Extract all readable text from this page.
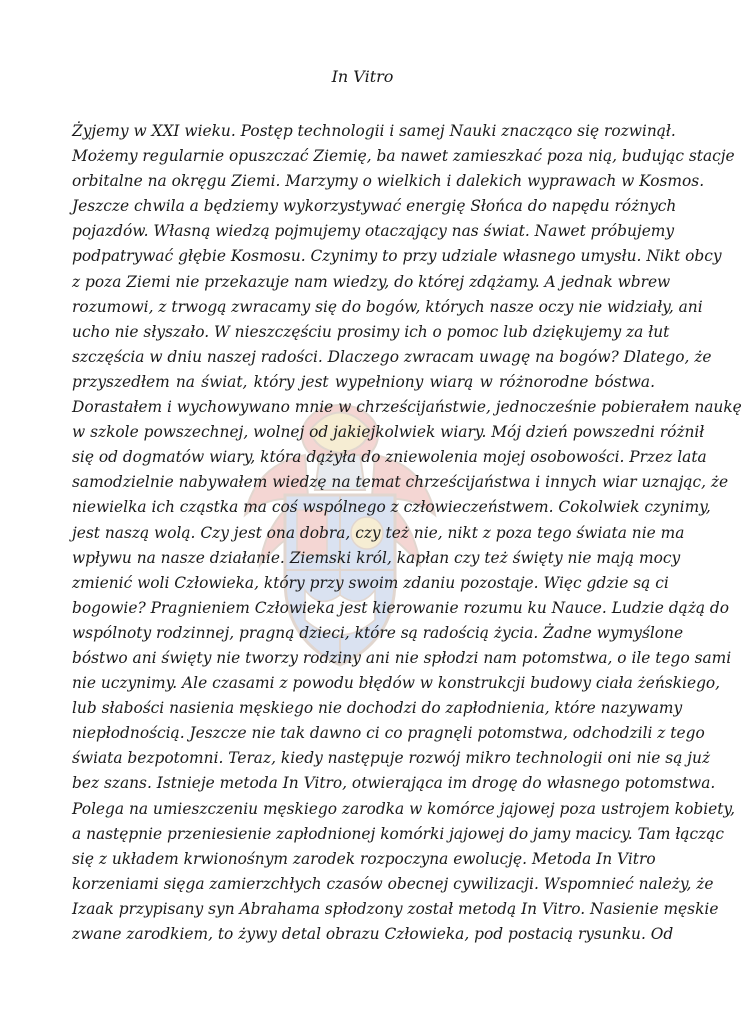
In Vitro
Żyjemy w XXI wieku. Postęp technologii i samej Nauki znacząco się rozwinął.
Możemy regularnie opuszczać Ziemię, ba nawet zamieszkać poza nią, budując stacje
orbitalne na okręgu Ziemi. Marzymy o wielkich i dalekich wyprawach w Kosmos.
Jeszcze chwila a będziemy wykorzystywać energię Słońca do napędu różnych
pojazdów. Własną wiedzą pojmujemy otaczający nas świat. Nawet próbujemy
podpatrywać głębie Kosmosu. Czynimy to przy udziale własnego umysłu. Nikt obcy
z poza Ziemi nie przekazuje nam wiedzy, do której zdążamy. A jednak wbrew
rozumowi, z trwogą zwracamy się do bogów, których nasze oczy nie widziały, ani
ucho nie słyszało. W nieszczęściu prosimy ich o pomoc lub dziękujemy za łut
szczęścia w dniu naszej radości. Dlaczego zwracam uwagę na bogów? Dlatego, że
przyszedłem na świat, który jest wypełniony wiarą w różnorodne bóstwa.
Dorastałem i wychowywano mnie w chrześcijaństwie, jednocześnie pobierałem naukę
w szkole powszechnej, wolnej od jakiejkolwiek wiary. Mój dzień powszedni różnił
się od dogmatów wiary, która dążyła do zniewolenia mojej osobowości. Przez lata
samodzielnie nabywałem wiedzę na temat chrześcijaństwa i innych wiar uznając, że
niewielka ich cząstka ma coś wspólnego z człowieczeństwem. Cokolwiek czynimy,
jest naszą wolą. Czy jest ona dobra, czy też nie, nikt z poza tego świata nie ma
wpływu na nasze działanie. Ziemski król, kapłan czy też święty nie mają mocy
zmienić woli Człowieka, który przy swoim zdaniu pozostaje. Więc gdzie są ci
bogowie? Pragnieniem Człowieka jest kierowanie rozumu ku Nauce. Ludzie dążą do
wspólnoty rodzinnej, pragną dzieci, które są radością życia. Żadne wymyślone
bóstwo ani święty nie tworzy rodziny ani nie spłodzi nam potomstwa, o ile tego sami
nie uczynimy. Ale czasami z powodu błędów w konstrukcji budowy ciała żeńskiego,
lub słabości nasienia męskiego nie dochodzi do zapłodnienia, które nazywamy
niepłodnością. Jeszcze nie tak dawno ci co pragnęli potomstwa, odchodzili z tego
świata bezpotomni. Teraz, kiedy następuje rozwój mikro technologii oni nie są już
bez szans. Istnieje metoda In Vitro, otwierająca im drogę do własnego potomstwa.
Polega na umieszczeniu męskiego zarodka w komórce jajowej poza ustrojem kobiety,
a następnie przeniesienie zapłodnionej komórki jajowej do jamy macicy. Tam łącząc
się z układem krwionośnym zarodek rozpoczyna ewolucję. Metoda In Vitro
korzeniami sięga zamierzchłych czasów obecnej cywilizacji. Wspomnieć należy, że
Izaak przypisany syn Abrahama spłodzony został metodą In Vitro. Nasienie męskie
zwane zarodkiem, to żywy detal obrazu Człowieka, pod postacią rysunku. Od
